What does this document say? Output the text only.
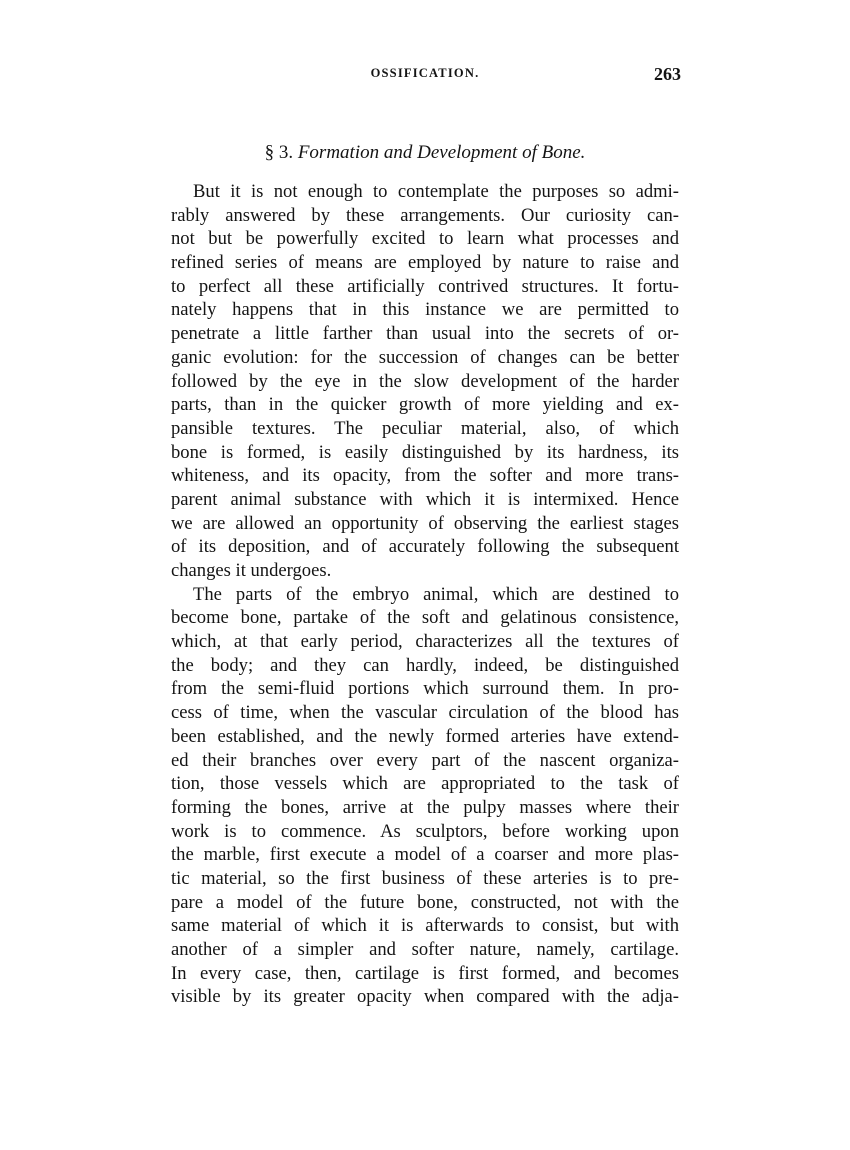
OSSIFICATION.	263
§ 3. Formation and Development of Bone.
But it is not enough to contemplate the purposes so admi-
rably answered by these arrangements. Our curiosity can-
not but be powerfully excited to learn what processes and
refined series of means are employed by nature to raise and
to perfect all these artificially contrived structures. It fortu-
nately happens that in this instance we are permitted to
penetrate a little farther than usual into the secrets of or-
ganic evolution: for the succession of changes can be better
followed by the eye in the slow development of the harder
parts, than in the quicker growth of more yielding and ex-
pansible textures. The peculiar material, also, of which
bone is formed, is easily distinguished by its hardness, its
whiteness, and its opacity, from the softer and more trans-
parent animal substance with which it is intermixed. Hence
we are allowed an opportunity of observing the earliest stages
of its deposition, and of accurately following the subsequent
changes it undergoes.
The parts of the embryo animal, which are destined to
become bone, partake of the soft and gelatinous consistence,
which, at that early period, characterizes all the textures of
the body; and they can hardly, indeed, be distinguished
from the semi-fluid portions which surround them. In pro-
cess of time, when the vascular circulation of the blood has
been established, and the newly formed arteries have extend-
ed their branches over every part of the nascent organiza-
tion, those vessels which are appropriated to the task of
forming the bones, arrive at the pulpy masses where their
work is to commence. As sculptors, before working upon
the marble, first execute a model of a coarser and more plas-
tic material, so the first business of these arteries is to pre-
pare a model of the future bone, constructed, not with the
same material of which it is afterwards to consist, but with
another of a simpler and softer nature, namely, cartilage.
In every case, then, cartilage is first formed, and becomes
visible by its greater opacity when compared with the adja-
